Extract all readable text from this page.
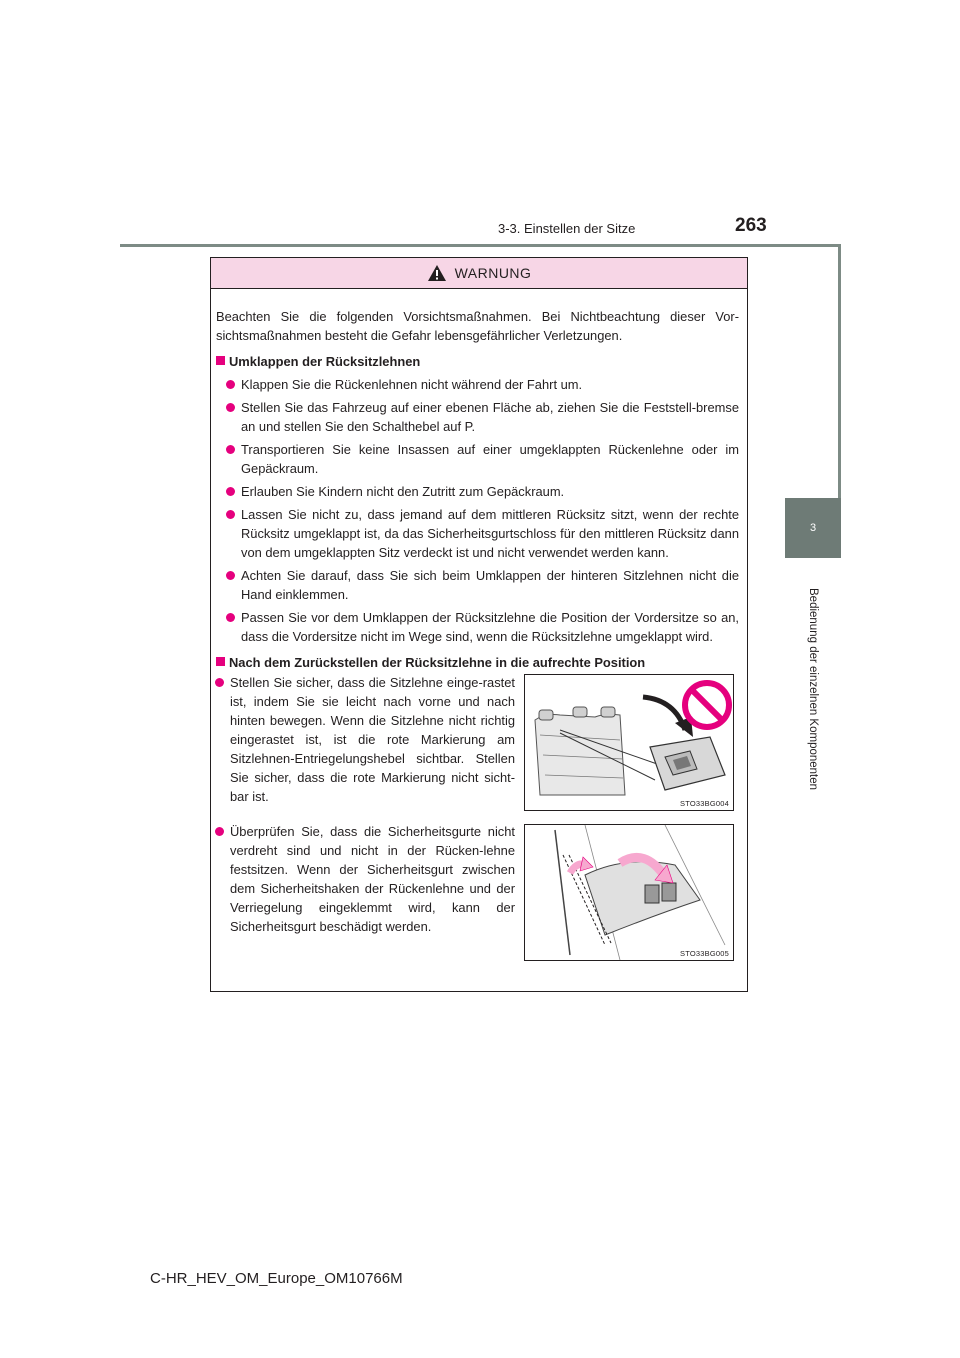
3-3. Einstellen der Sitze	263
3
Bedienung der einzelnen Komponenten
WARNUNG
Beachten Sie die folgenden Vorsichtsmaßnahmen. Bei Nichtbeachtung dieser Vor-sichtsmaßnahmen besteht die Gefahr lebensgefährlicher Verletzungen.
Umklappen der Rücksitzlehnen
Klappen Sie die Rückenlehnen nicht während der Fahrt um.
Stellen Sie das Fahrzeug auf einer ebenen Fläche ab, ziehen Sie die Feststell-bremse an und stellen Sie den Schalthebel auf P.
Transportieren Sie keine Insassen auf einer umgeklappten Rückenlehne oder im Gepäckraum.
Erlauben Sie Kindern nicht den Zutritt zum Gepäckraum.
Lassen Sie nicht zu, dass jemand auf dem mittleren Rücksitz sitzt, wenn der rechte Rücksitz umgeklappt ist, da das Sicherheitsgurtschloss für den mittleren Rücksitz dann von dem umgeklappten Sitz verdeckt ist und nicht verwendet werden kann.
Achten Sie darauf, dass Sie sich beim Umklappen der hinteren Sitzlehnen nicht die Hand einklemmen.
Passen Sie vor dem Umklappen der Rücksitzlehne die Position der Vordersitze so an, dass die Vordersitze nicht im Wege sind, wenn die Rücksitzlehne umgeklappt wird.
Nach dem Zurückstellen der Rücksitzlehne in die aufrechte Position
Stellen Sie sicher, dass die Sitzlehne einge-rastet ist, indem Sie sie leicht nach vorne und nach hinten bewegen. Wenn die Sitzlehne nicht richtig eingerastet ist, ist die rote Markierung am Sitzlehnen-Entriegelungshebel sichtbar. Stellen Sie sicher, dass die rote Markierung nicht sicht-bar ist.
Überprüfen Sie, dass die Sicherheitsgurte nicht verdreht sind und nicht in der Rücken-lehne festsitzen. Wenn der Sicherheitsgurt zwischen dem Sicherheitshaken der Rückenlehne und der Verriegelung eingeklemmt wird, kann der Sicherheitsgurt beschädigt werden.
STO33BG004
STO33BG005
C-HR_HEV_OM_Europe_OM10766M
